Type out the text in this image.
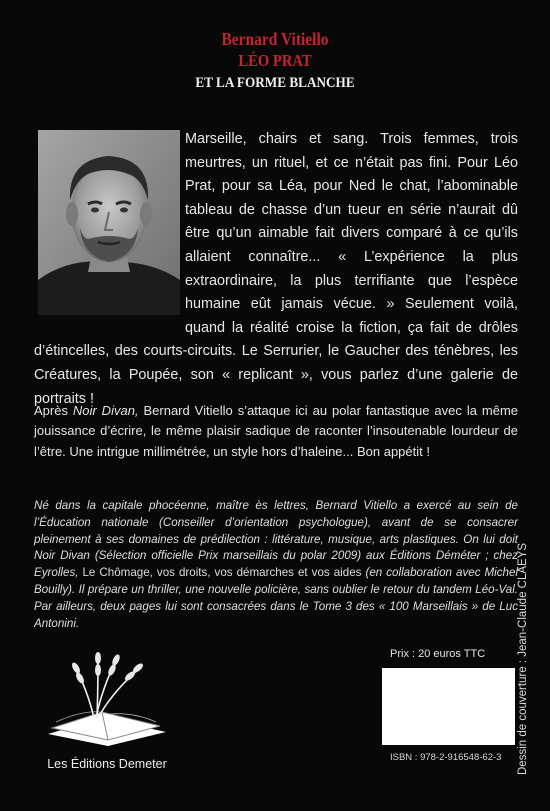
Bernard Vitiello
LÉO PRAT
ET LA FORME BLANCHE

Marseille, chairs et sang. Trois femmes, trois meurtres, un rituel, et ce n’était pas fini. Pour Léo Prat, pour sa Léa, pour Ned le chat, l’abominable tableau de chasse d’un tueur en série n’aurait dû être qu’un aimable fait divers comparé à ce qu’ils allaient connaître... « L’expérience la plus extraordinaire, la plus terrifiante que l’espèce humaine eût jamais vécue. » Seulement voilà, quand la réalité croise la fiction, ça fait de drôles d’étincelles, des courts-circuits. Le Serrurier, le Gaucher des ténèbres, les Créatures, la Poupée, son « replicant », vous parlez d’une galerie de portraits !

Après Noir Divan, Bernard Vitiello s’attaque ici au polar fantastique avec la même jouissance d’écrire, le même plaisir sadique de raconter l’insoutenable lourdeur de l’être. Une intrigue millimétrée, un style hors d’haleine... Bon appétit !

Né dans la capitale phocéenne, maître ès lettres, Bernard Vitiello a exercé au sein de l’Éducation nationale (Conseiller d’orientation psychologue), avant de se consacrer pleinement à ses domaines de prédilection : littérature, musique, arts plastiques. On lui doit Noir Divan (Sélection officielle Prix marseillais du polar 2009) aux Éditions Déméter ; chez Eyrolles, Le Chômage, vos droits, vos démarches et vos aides (en collaboration avec Michel Bouilly). Il prépare un thriller, une nouvelle policière, sans oublier le retour du tandem Léo-Val. Par ailleurs, deux pages lui sont consacrées dans le Tome 3 des « 100 Marseillais » de Luc Antonini.

Les Éditions Demeter
Prix : 20 euros TTC
ISBN : 978-2-916548-62-3 Dessin de couverture : Jean-Claude CLAEYS
